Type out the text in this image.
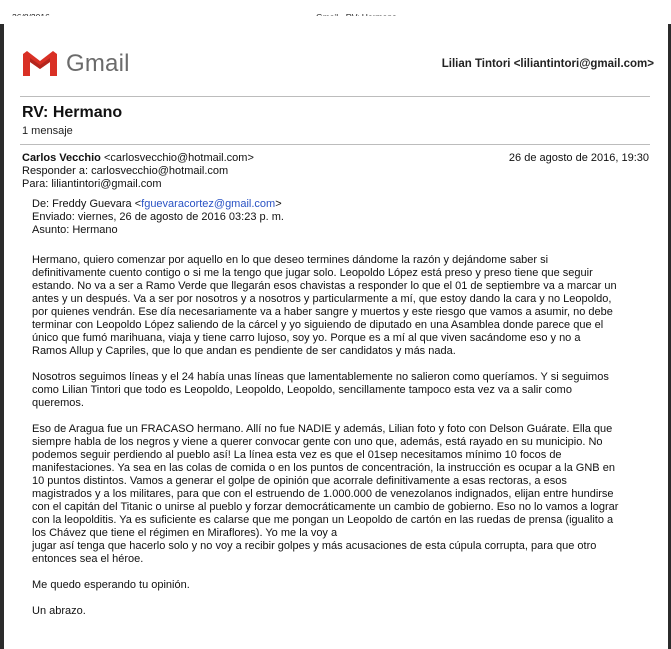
Gmail	Lilian Tintori <liliantintori@gmail.com>
RV: Hermano
1 mensaje
Carlos Vecchio <carlosvecchio@hotmail.com>
Responder a: carlosvecchio@hotmail.com
Para: liliantintori@gmail.com
26 de agosto de 2016, 19:30
De: Freddy Guevara <fguevaracortez@gmail.com>
Enviado: viernes, 26 de agosto de 2016 03:23 p. m.
Asunto: Hermano

Hermano, quiero comenzar por aquello en lo que deseo termines dándome la razón y dejándome saber si
definitivamente cuento contigo o si me la tengo que jugar solo. Leopoldo López está preso y preso tiene que seguir
estando. No va a ser a Ramo Verde que llegarán esos chavistas a responder lo que el 01 de septiembre va a marcar un
antes y un después. Va a ser por nosotros y a nosotros y particularmente a mí, que estoy dando la cara y no Leopoldo,
por quienes vendrán. Ese día necesariamente va a haber sangre y muertos y este riesgo que vamos a asumir, no debe
terminar con Leopoldo López saliendo de la cárcel y yo siguiendo de diputado en una Asamblea donde parece que el
único que fumó marihuana, viaja y tiene carro lujoso, soy yo. Porque es a mí al que viven sacándome eso y no a
Ramos Allup y Capriles, que lo que andan es pendiente de ser candidatos y más nada.

Nosotros seguimos líneas y el 24 había unas líneas que lamentablemente no salieron como queríamos. Y si seguimos
como Lilian Tintori que todo es Leopoldo, Leopoldo, Leopoldo, sencillamente tampoco esta vez va a salir como
queremos.

Eso de Aragua fue un FRACASO hermano. Allí no fue NADIE y además, Lilian foto y foto con Delson Guárate. Ella que
siempre habla de los negros y viene a querer convocar gente con uno que, además, está rayado en su municipio. No
podemos seguir perdiendo al pueblo así! La línea esta vez es que el 01sep necesitamos mínimo 10 focos de
manifestaciones. Ya sea en las colas de comida o en los puntos de concentración, la instrucción es ocupar a la GNB en
10 puntos distintos. Vamos a generar el golpe de opinión que acorrale definitivamente a esas rectoras, a esos
magistrados y a los militares, para que con el estruendo de 1.000.000 de venezolanos indignados, elijan entre hundirse
con el capitán del Titanic o unirse al pueblo y forzar democráticamente un cambio de gobierno. Eso no lo vamos a lograr
con la leopolditis. Ya es suficiente es calarse que me pongan un Leopoldo de cartón en las ruedas de prensa (igualito a
los Chávez que tiene el régimen en Miraflores). Yo me la voy a
jugar así tenga que hacerlo solo y no voy a recibir golpes y más acusaciones de esta cúpula corrupta, para que otro
entonces sea el héroe.

Me quedo esperando tu opinión.

Un abrazo.
